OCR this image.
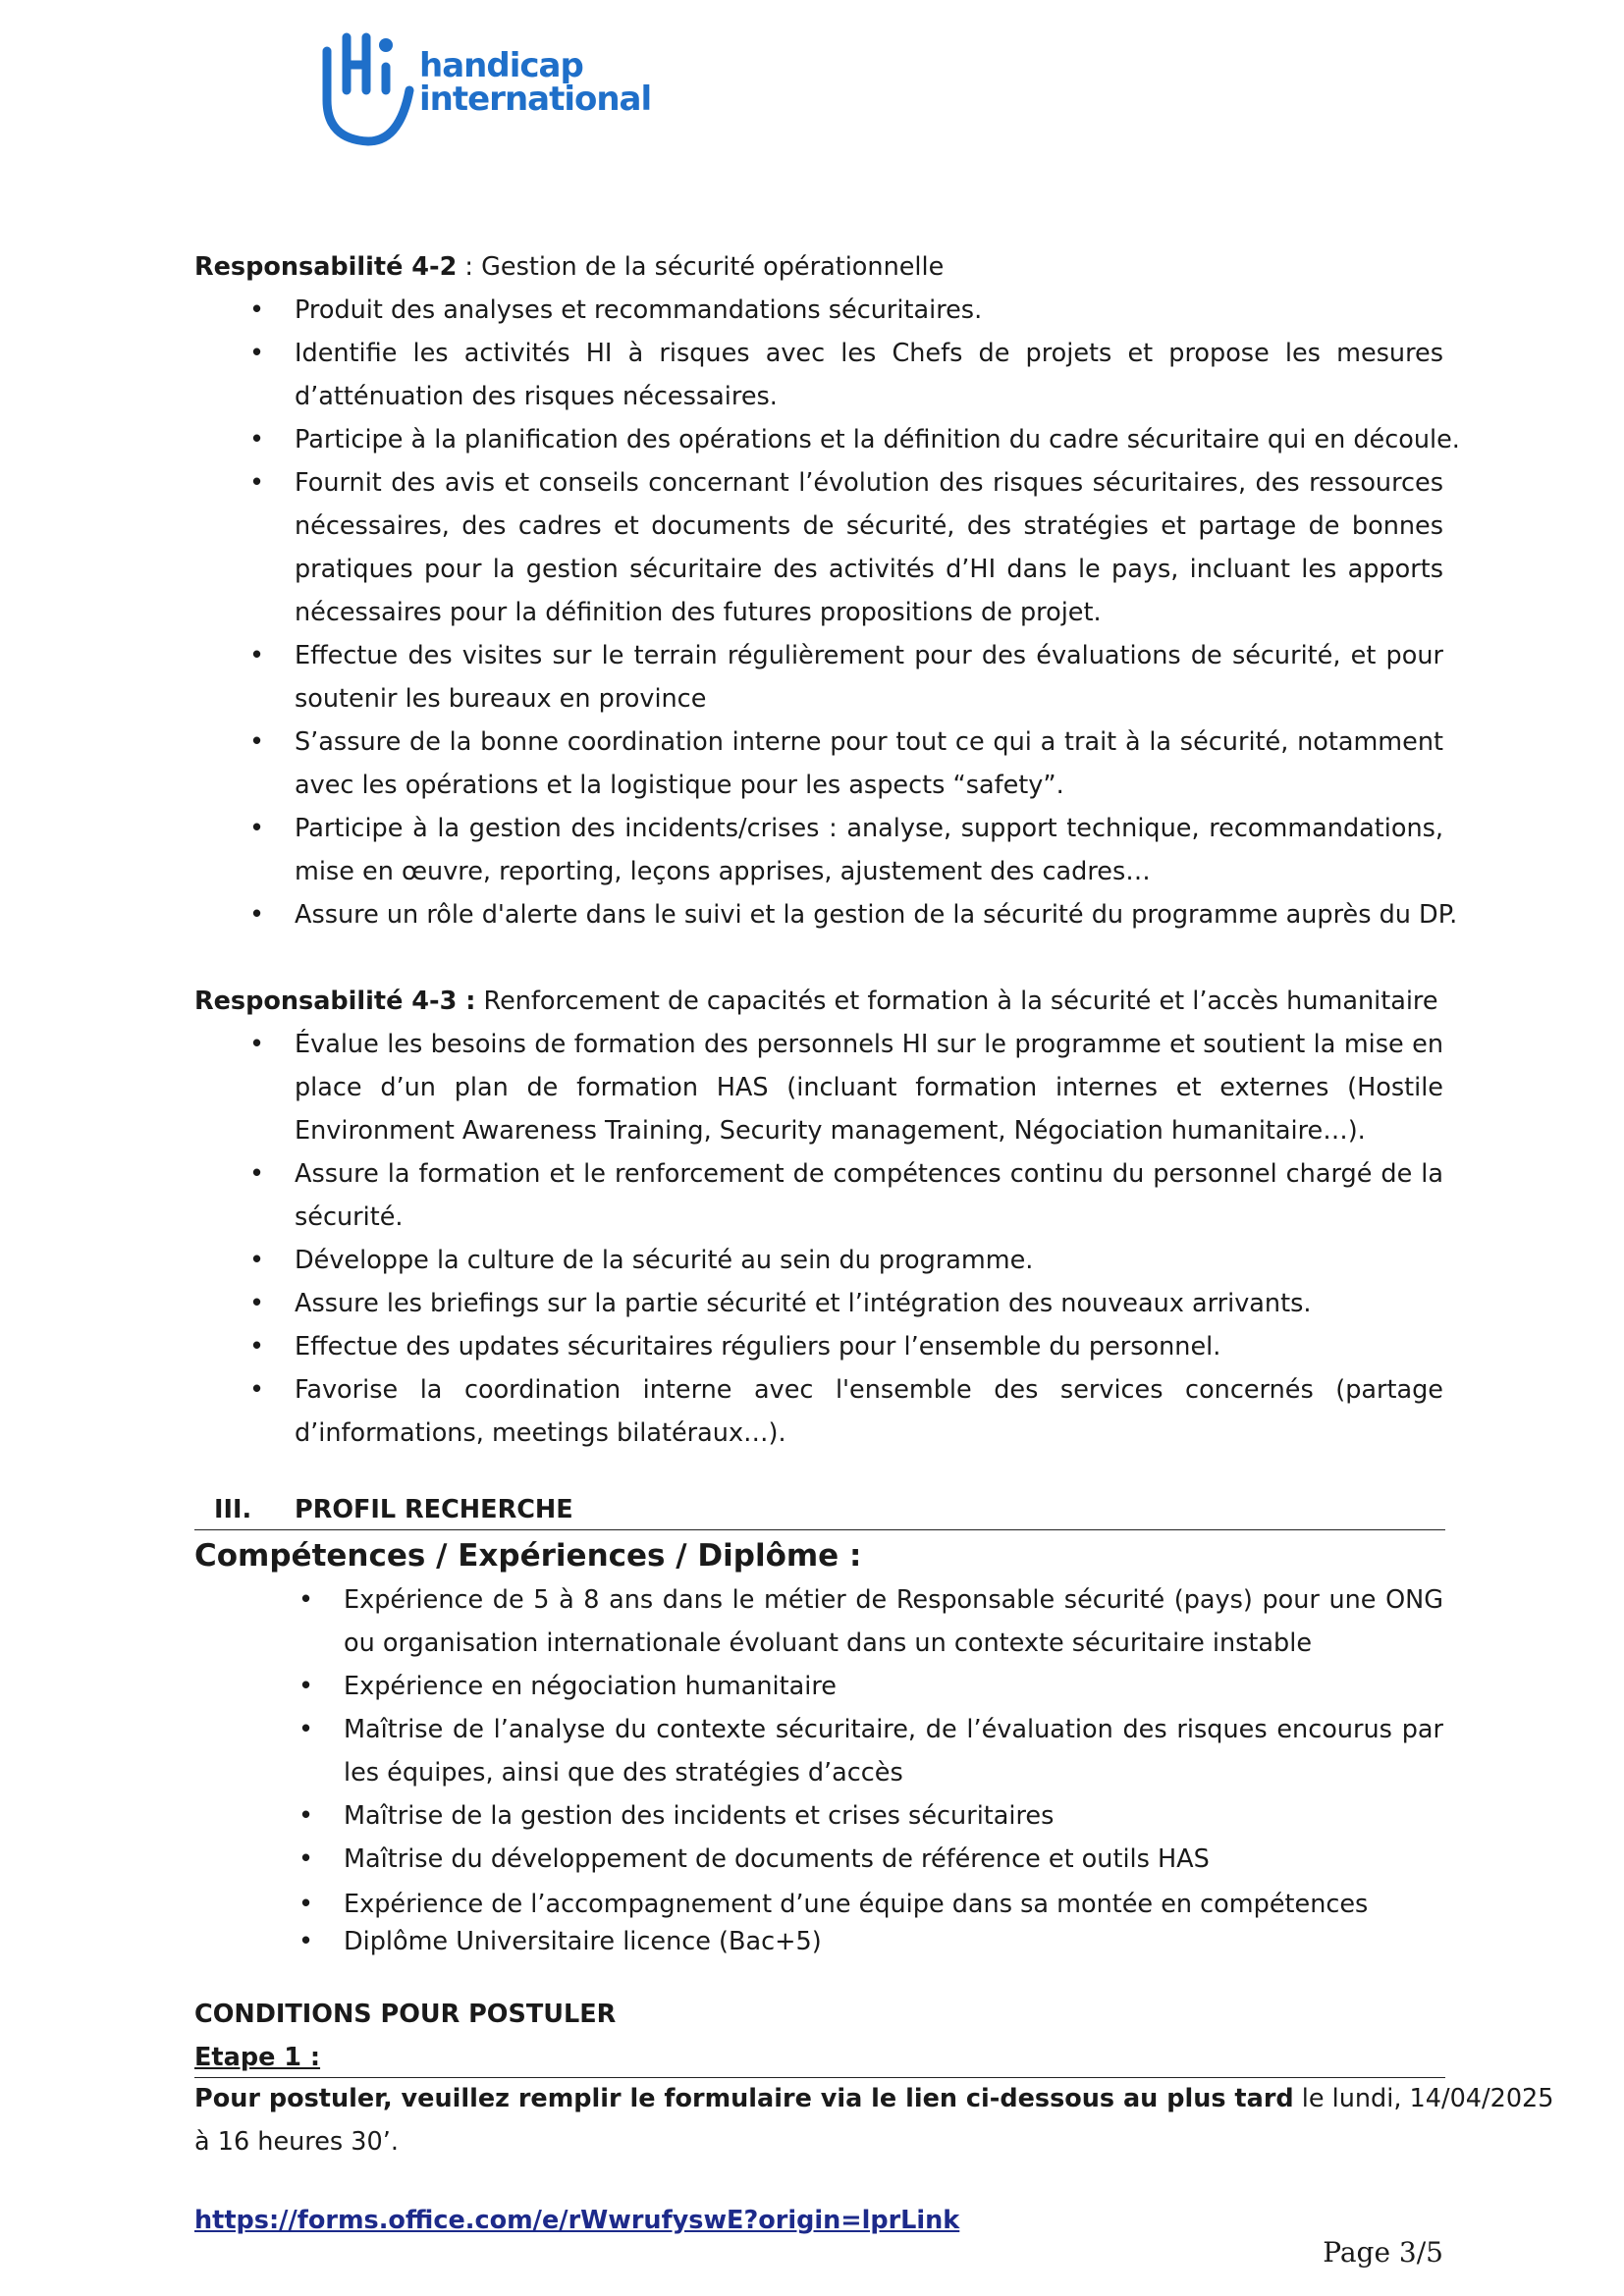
handicap
international
Responsabilité 4-2 : Gestion de la sécurité opérationnelle
• Produit des analyses et recommandations sécuritaires.
• Identifie les activités HI à risques avec les Chefs de projets et propose les mesures d’atténuation des risques nécessaires.
• Participe à la planification des opérations et la définition du cadre sécuritaire qui en découle.
• Fournit des avis et conseils concernant l’évolution des risques sécuritaires, des ressources nécessaires, des cadres et documents de sécurité, des stratégies et partage de bonnes pratiques pour la gestion sécuritaire des activités d’HI dans le pays, incluant les apports nécessaires pour la définition des futures propositions de projet.
• Effectue des visites sur le terrain régulièrement pour des évaluations de sécurité, et pour soutenir les bureaux en province
• S’assure de la bonne coordination interne pour tout ce qui a trait à la sécurité, notamment avec les opérations et la logistique pour les aspects “safety”.
• Participe à la gestion des incidents/crises : analyse, support technique, recommandations, mise en œuvre, reporting, leçons apprises, ajustement des cadres…
• Assure un rôle d'alerte dans le suivi et la gestion de la sécurité du programme auprès du DP.
Responsabilité 4-3 : Renforcement de capacités et formation à la sécurité et l’accès humanitaire
• Évalue les besoins de formation des personnels HI sur le programme et soutient la mise en place d’un plan de formation HAS (incluant formation internes et externes (Hostile Environment Awareness Training, Security management, Négociation humanitaire…).
• Assure la formation et le renforcement de compétences continu du personnel chargé de la sécurité.
• Développe la culture de la sécurité au sein du programme.
• Assure les briefings sur la partie sécurité et l’intégration des nouveaux arrivants.
• Effectue des updates sécuritaires réguliers pour l’ensemble du personnel.
• Favorise la coordination interne avec l'ensemble des services concernés (partage d’informations, meetings bilatéraux…).
III. PROFIL RECHERCHE
Compétences / Expériences / Diplôme :
• Expérience de 5 à 8 ans dans le métier de Responsable sécurité (pays) pour une ONG ou organisation internationale évoluant dans un contexte sécuritaire instable
• Expérience en négociation humanitaire
• Maîtrise de l’analyse du contexte sécuritaire, de l’évaluation des risques encourus par les équipes, ainsi que des stratégies d’accès
• Maîtrise de la gestion des incidents et crises sécuritaires
• Maîtrise du développement de documents de référence et outils HAS
• Expérience de l’accompagnement d’une équipe dans sa montée en compétences
• Diplôme Universitaire licence (Bac+5)
CONDITIONS POUR POSTULER
Etape 1 :
Pour postuler, veuillez remplir le formulaire via le lien ci-dessous au plus tard le lundi, 14/04/2025
à 16 heures 30’.
https://forms.office.com/e/rWwrufyswE?origin=lprLink
Page 3/5
